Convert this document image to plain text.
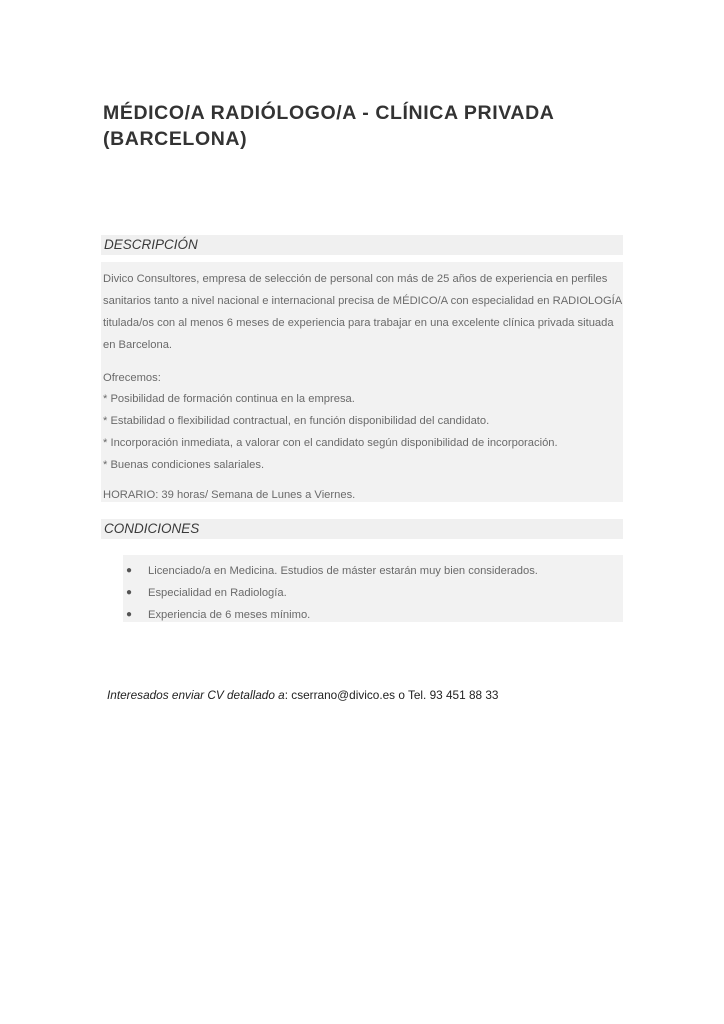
MÉDICO/A RADIÓLOGO/A - CLÍNICA PRIVADA (BARCELONA)
DESCRIPCIÓN

Divico Consultores, empresa de selección de personal con más de 25 años de experiencia en perfiles sanitarios tanto a nivel nacional e internacional precisa de MÉDICO/A con especialidad en RADIOLOGÍA titulada/os con al menos 6 meses de experiencia para trabajar en una excelente clínica privada situada en Barcelona.

Ofrecemos:

* Posibilidad de formación continua en la empresa.
* Estabilidad o flexibilidad contractual, en función disponibilidad del candidato.
* Incorporación inmediata, a valorar con el candidato según disponibilidad de incorporación.
* Buenas condiciones salariales.

HORARIO: 39 horas/ Semana de Lunes a Viernes.

CONDICIONES
● Licenciado/a en Medicina. Estudios de máster estarán muy bien considerados.
● Especialidad en Radiología.
● Experiencia de 6 meses mínimo.

Interesados enviar CV detallado a: cserrano@divico.es o Tel. 93 451 88 33
